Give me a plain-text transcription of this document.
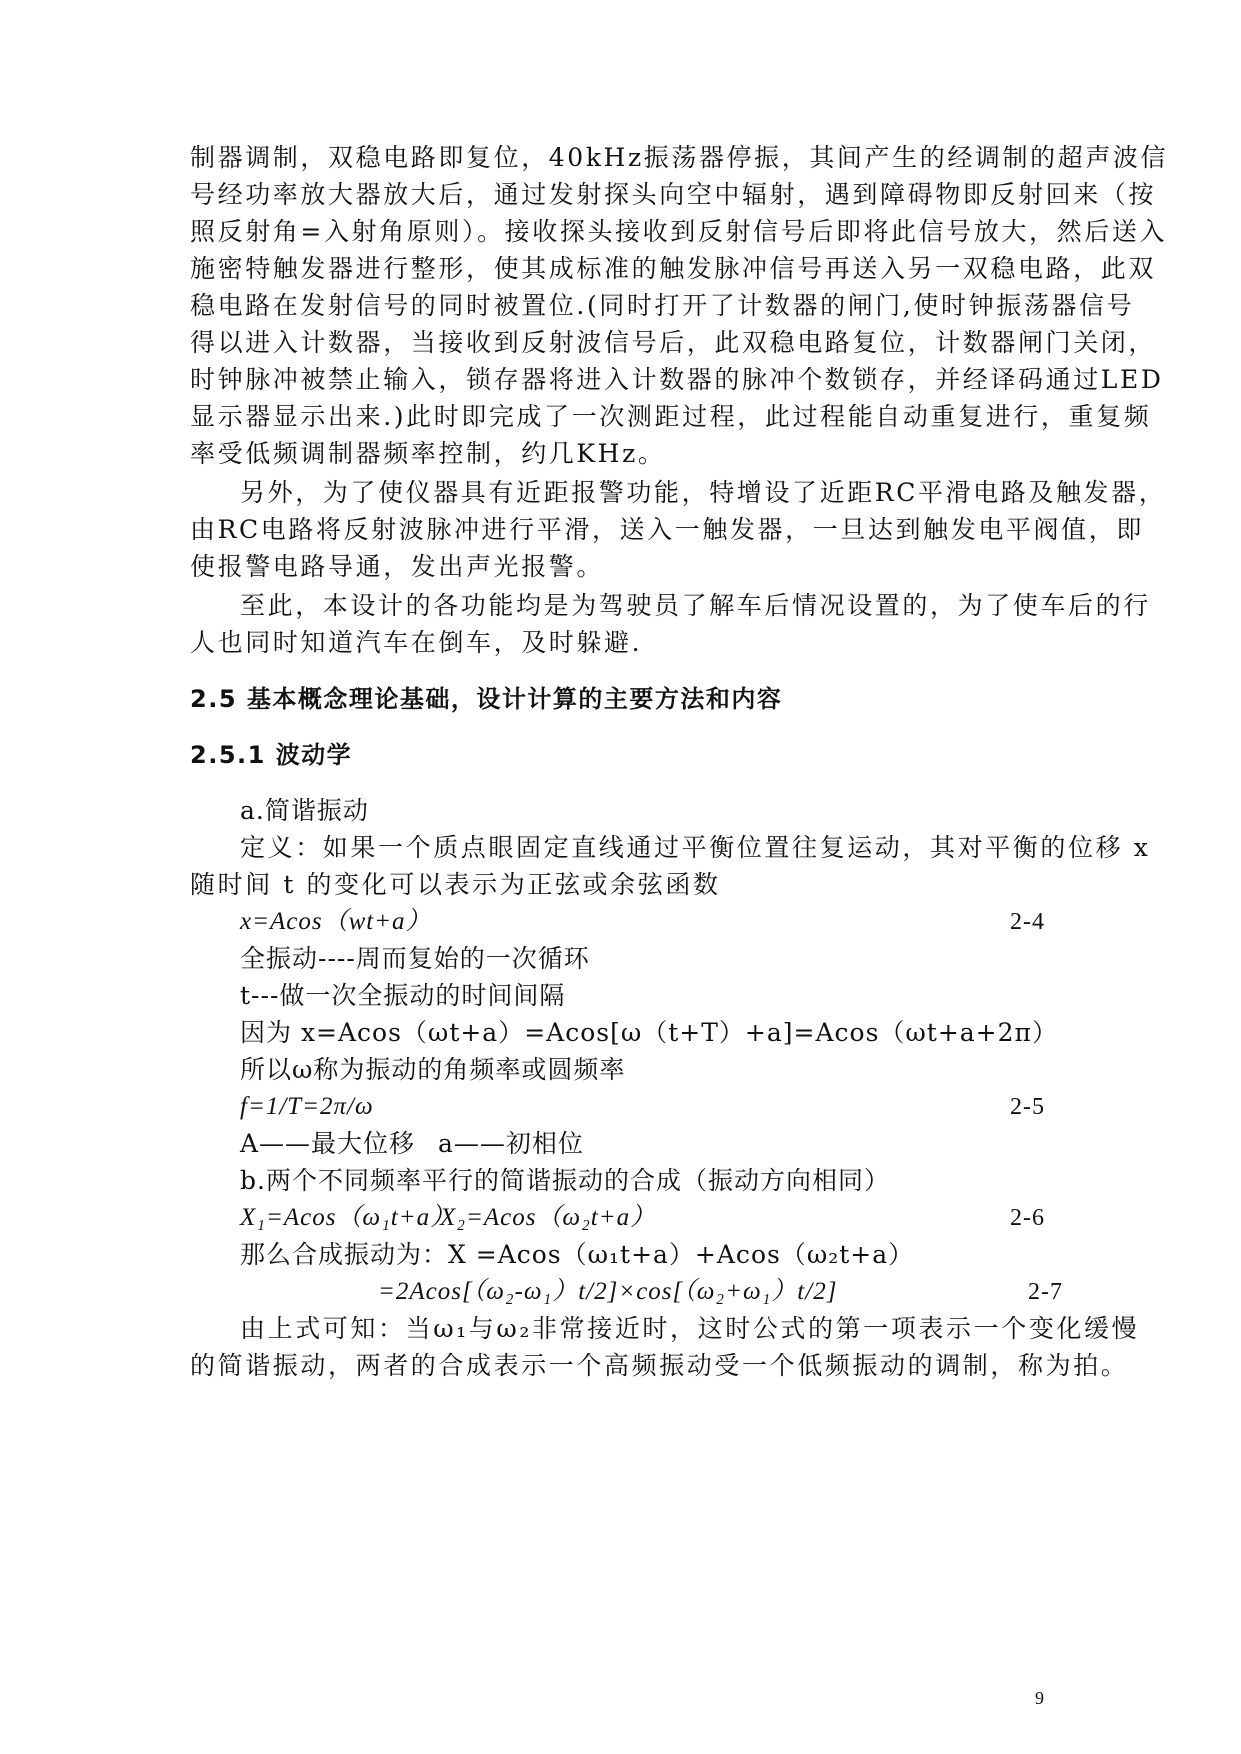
制器调制，双稳电路即复位，40kHz振荡器停振，其间产生的经调制的超声波信
号经功率放大器放大后，通过发射探头向空中辐射，遇到障碍物即反射回来（按
照反射角=入射角原则）。接收探头接收到反射信号后即将此信号放大，然后送入
施密特触发器进行整形，使其成标准的触发脉冲信号再送入另一双稳电路，此双
稳电路在发射信号的同时被置位.(同时打开了计数器的闸门,使时钟振荡器信号
得以进入计数器，当接收到反射波信号后，此双稳电路复位，计数器闸门关闭，
时钟脉冲被禁止输入，锁存器将进入计数器的脉冲个数锁存，并经译码通过LED
显示器显示出来.)此时即完成了一次测距过程，此过程能自动重复进行，重复频
率受低频调制器频率控制，约几KHz。
另外，为了使仪器具有近距报警功能，特增设了近距RC平滑电路及触发器，
由RC电路将反射波脉冲进行平滑，送入一触发器，一旦达到触发电平阀值，即
使报警电路导通，发出声光报警。
至此，本设计的各功能均是为驾驶员了解车后情况设置的，为了使车后的行
人也同时知道汽车在倒车，及时躲避.
2.5 基本概念理论基础，设计计算的主要方法和内容
2.5.1 波动学
a.简谐振动
定义：如果一个质点眼固定直线通过平衡位置往复运动，其对平衡的位移 x
随时间 t 的变化可以表示为正弦或余弦函数
x=Acos（wt+a）	2-4
全振动----周而复始的一次循环
t---做一次全振动的时间间隔
因为 x=Acos（ωt+a）=Acos[ω（t+T）+a]=Acos（ωt+a+2π）
所以ω称为振动的角频率或圆频率
f=1/T=2π/ω	2-5
A——最大位移 a——初相位
b.两个不同频率平行的简谐振动的合成（振动方向相同）
X₁=Acos（ω₁t+a）
X₂=Acos（ω₂t+a）	2-6
那么合成振动为：X =Acos（ω₁t+a）+Acos（ω₂t+a）
=2Acos[（ω₂-ω₁）t/2]×cos[（ω₂+ω₁）t/2]	2-7
由上式可知：当ω₁与ω₂非常接近时，这时公式的第一项表示一个变化缓慢
的简谐振动，两者的合成表示一个高频振动受一个低频振动的调制，称为拍。
9
